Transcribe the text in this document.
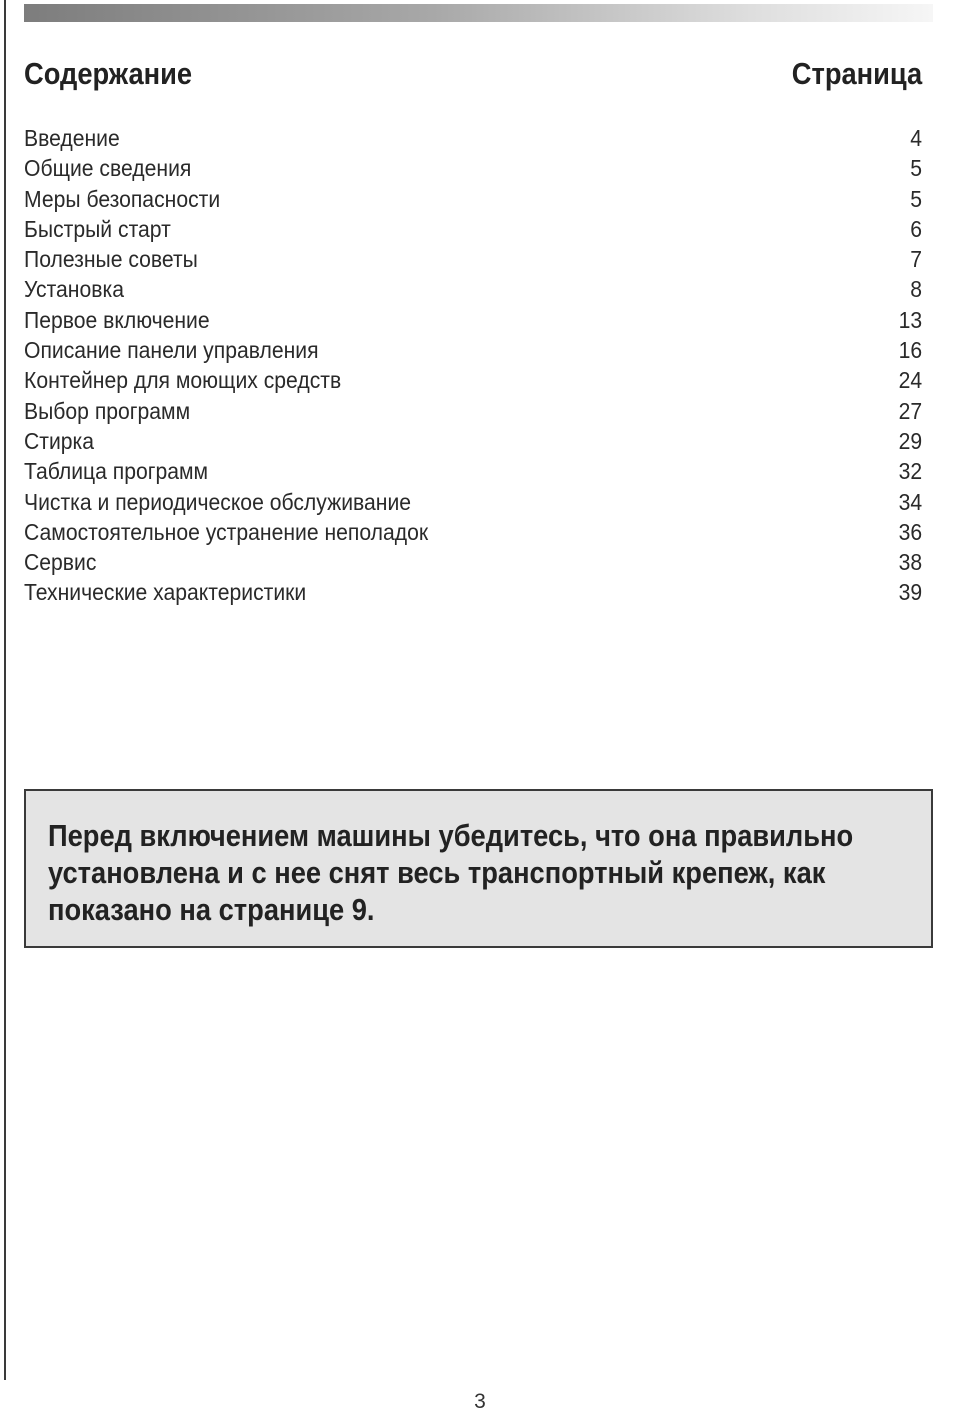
Содержание	Страница
Введение	4
Общие сведения	5
Меры безопасности	5
Быстрый старт	6
Полезные советы	7
Установка	8
Первое включение	13
Описание панели управления	16
Контейнер для моющих средств	24
Выбор программ	27
Стирка	29
Таблица программ	32
Чистка и периодическое обслуживание	34
Самостоятельное устранение неполадок	36
Сервис	38
Технические характеристики	39

Перед включением машины убедитесь, что она правильно
установлена и с нее снят весь транспортный крепеж, как
показано на странице 9.

3
